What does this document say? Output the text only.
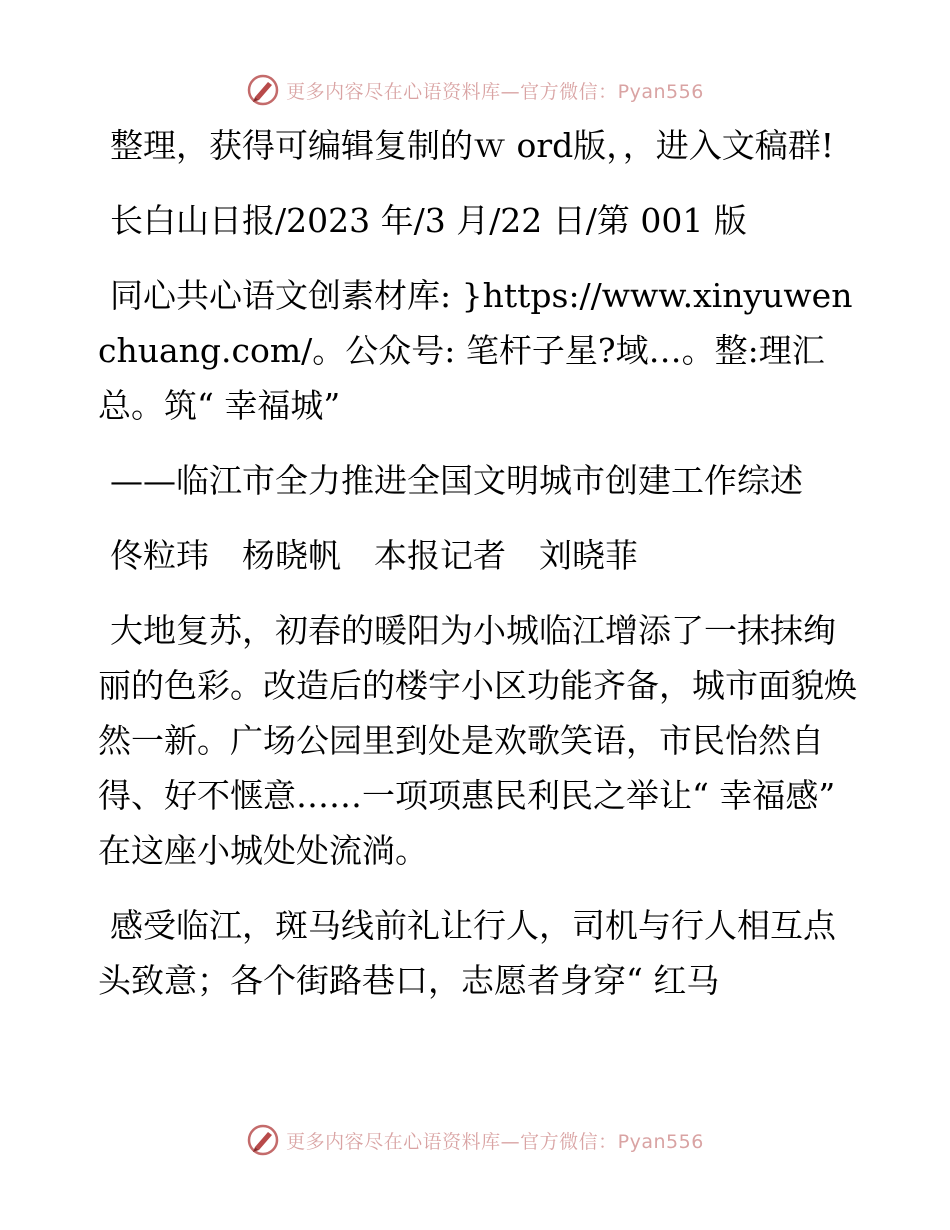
更多内容尽在心语资料库—官方微信：Pyan556

整理，获得可编辑复制的ｗ ord版，，进入文稿群!

长白山日报/2023 年/3 月/22 日/第 001 版

同心共心语文创素材库: }https://www.xinyuwenchuang.com/。公众号: 笔杆子星?域…。整:理汇总。筑“ 幸福城”

——临江市全力推进全国文明城市创建工作综述

佟粒玮　杨晓帆　本报记者　刘晓菲

大地复苏，初春的暖阳为小城临江增添了一抹抹绚丽的色彩。改造后的楼宇小区功能齐备，城市面貌焕然一新。广场公园里到处是欢歌笑语，市民怡然自得、好不惬意……一项项惠民利民之举让“ 幸福感” 在这座小城处处流淌。

感受临江，斑马线前礼让行人，司机与行人相互点头致意；各个街路巷口，志愿者身穿“ 红马

更多内容尽在心语资料库—官方微信：Pyan556
